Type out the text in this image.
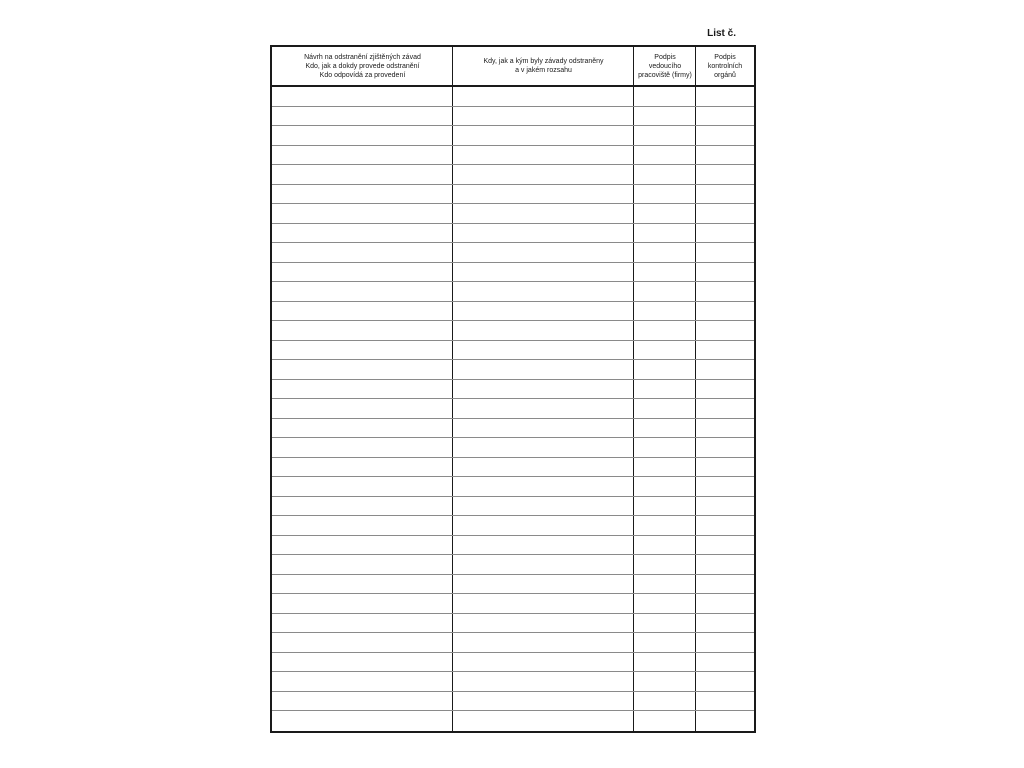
List č.
Návrh na odstranění zjištěných závad
Kdo, jak a dokdy provede odstranění
Kdo odpovídá za provedení
Kdy, jak a kým byly závady odstraněny
a v jakém rozsahu
Podpis
vedoucího
pracoviště (firmy)
Podpis
kontrolních
orgánů
